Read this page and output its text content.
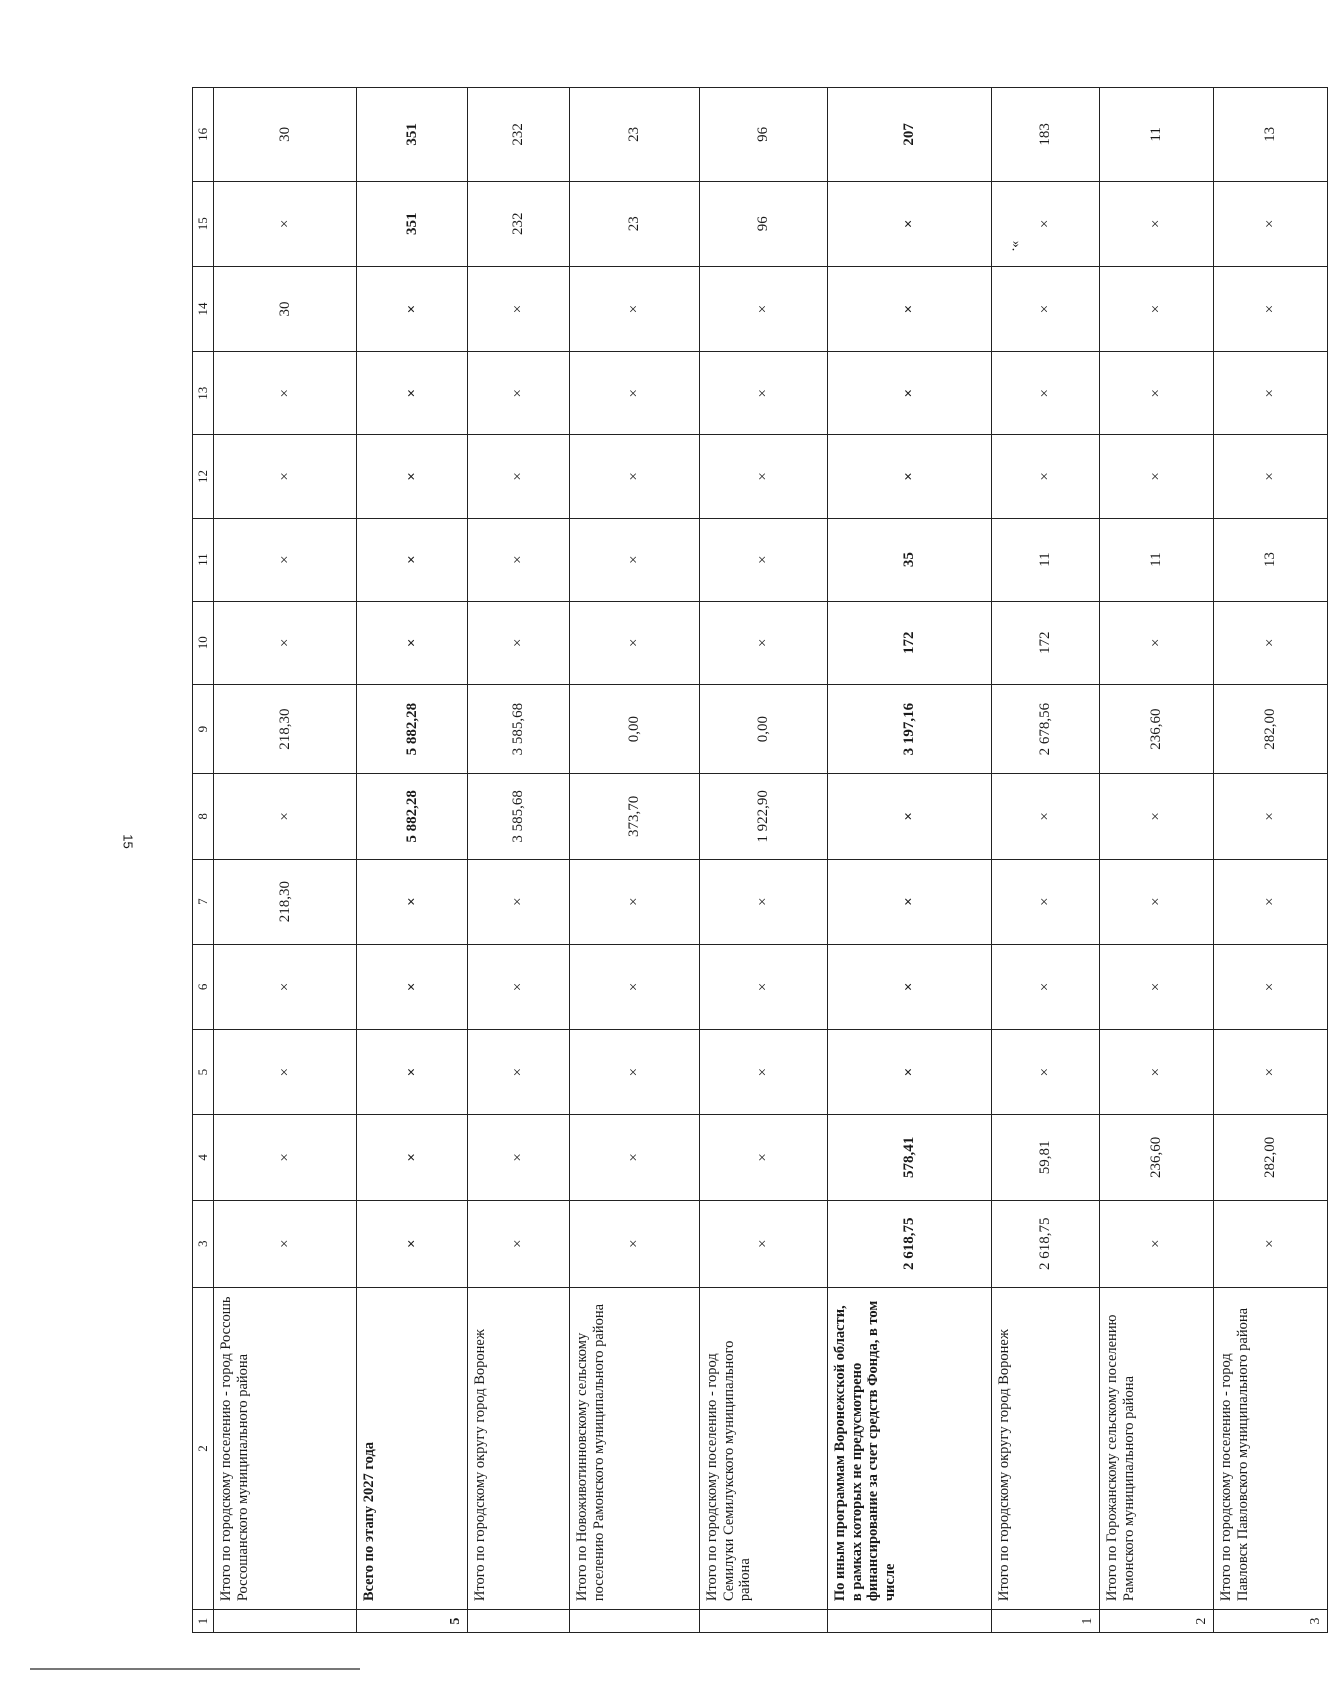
15
».
1	2	3	4	5	6	7	8	9	10	11	12	13	14	15	16
	Итого по городскому поселению - город Россошь Россошанского муниципального района	×	×	×	×	218,30	×	218,30	×	×	×	×	30	×	30
5	Всего по этапу 2027 года	×	×	×	×	×	5 882,28	5 882,28	×	×	×	×	×	351	351
	Итого по городскому округу город Воронеж	×	×	×	×	×	3 585,68	3 585,68	×	×	×	×	×	232	232
	Итого по Новоживотинновскому сельскому поселению Рамонского муниципального района	×	×	×	×	×	373,70	0,00	×	×	×	×	×	23	23
	Итого по городскому поселению - город Семилуки Семилукского муниципального района	×	×	×	×	×	1 922,90	0,00	×	×	×	×	×	96	96
	По иным программам Воронежской области, в рамках которых не предусмотрено финансирование за счет средств Фонда, в том числе	2 618,75	578,41	×	×	×	×	3 197,16	172	35	×	×	×	×	207
1	Итого по городскому округу город Воронеж	2 618,75	59,81	×	×	×	×	2 678,56	172	11	×	×	×	×	183
2	Итого по Горожанскому сельскому поселению Рамонского муниципального района	×	236,60	×	×	×	×	236,60	×	11	×	×	×	×	11
3	Итого по городскому поселению - город Павловск Павловского муниципального района	×	282,00	×	×	×	×	282,00	×	13	×	×	×	×	13
